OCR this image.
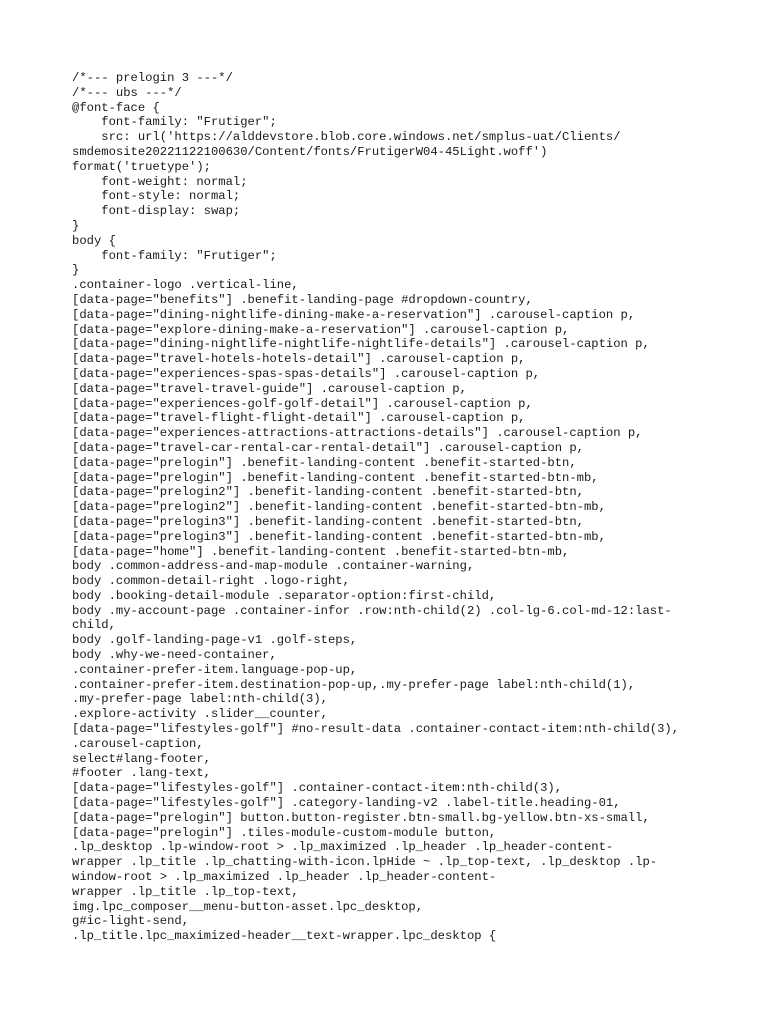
/*--- prelogin 3 ---*/
/*--- ubs ---*/
@font-face {
font-family: "Frutiger";
src: url('https://alddevstore.blob.core.windows.net/smplus-uat/Clients/
smdemosite20221122100630/Content/fonts/FrutigerW04-45Light.woff')
format('truetype');
font-weight: normal;
font-style: normal;
font-display: swap;
}
body {
font-family: "Frutiger";
}
.container-logo .vertical-line,
[data-page="benefits"] .benefit-landing-page #dropdown-country,
[data-page="dining-nightlife-dining-make-a-reservation"] .carousel-caption p,
[data-page="explore-dining-make-a-reservation"] .carousel-caption p,
[data-page="dining-nightlife-nightlife-nightlife-details"] .carousel-caption p,
[data-page="travel-hotels-hotels-detail"] .carousel-caption p,
[data-page="experiences-spas-spas-details"] .carousel-caption p,
[data-page="travel-travel-guide"] .carousel-caption p,
[data-page="experiences-golf-golf-detail"] .carousel-caption p,
[data-page="travel-flight-flight-detail"] .carousel-caption p,
[data-page="experiences-attractions-attractions-details"] .carousel-caption p,
[data-page="travel-car-rental-car-rental-detail"] .carousel-caption p,
[data-page="prelogin"] .benefit-landing-content .benefit-started-btn,
[data-page="prelogin"] .benefit-landing-content .benefit-started-btn-mb,
[data-page="prelogin2"] .benefit-landing-content .benefit-started-btn,
[data-page="prelogin2"] .benefit-landing-content .benefit-started-btn-mb,
[data-page="prelogin3"] .benefit-landing-content .benefit-started-btn,
[data-page="prelogin3"] .benefit-landing-content .benefit-started-btn-mb,
[data-page="home"] .benefit-landing-content .benefit-started-btn-mb,
body .common-address-and-map-module .container-warning,
body .common-detail-right .logo-right,
body .booking-detail-module .separator-option:first-child,
body .my-account-page .container-infor .row:nth-child(2) .col-lg-6.col-md-12:last-
child,
body .golf-landing-page-v1 .golf-steps,
body .why-we-need-container,
.container-prefer-item.language-pop-up,
.container-prefer-item.destination-pop-up,.my-prefer-page label:nth-child(1),
.my-prefer-page label:nth-child(3),
.explore-activity .slider__counter,
[data-page="lifestyles-golf"] #no-result-data .container-contact-item:nth-child(3),
.carousel-caption,
select#lang-footer,
#footer .lang-text,
[data-page="lifestyles-golf"] .container-contact-item:nth-child(3),
[data-page="lifestyles-golf"] .category-landing-v2 .label-title.heading-01,
[data-page="prelogin"] button.button-register.btn-small.bg-yellow.btn-xs-small,
[data-page="prelogin"] .tiles-module-custom-module button,
.lp_desktop .lp-window-root > .lp_maximized .lp_header .lp_header-content-
wrapper .lp_title .lp_chatting-with-icon.lpHide ~ .lp_top-text, .lp_desktop .lp-
window-root > .lp_maximized .lp_header .lp_header-content-
wrapper .lp_title .lp_top-text,
img.lpc_composer__menu-button-asset.lpc_desktop,
g#ic-light-send,
.lp_title.lpc_maximized-header__text-wrapper.lpc_desktop {
